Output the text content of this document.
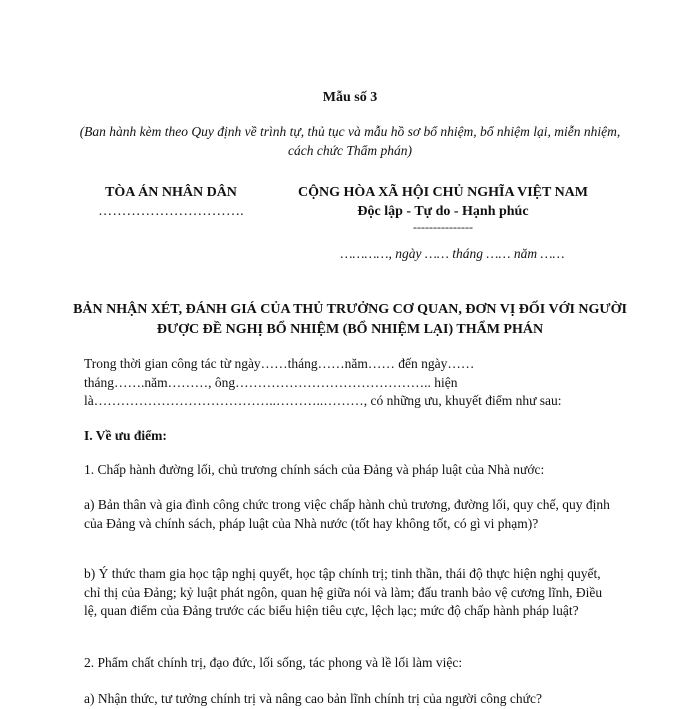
Mẫu số 3
(Ban hành kèm theo Quy định về trình tự, thủ tục và mẫu hồ sơ bổ nhiệm, bổ nhiệm lại, miễn nhiệm, cách chức Thẩm phán)
TÒA ÁN NHÂN DÂN
………………………….
CỘNG HÒA XÃ HỘI CHỦ NGHĨA VIỆT NAM
Độc lập - Tự do - Hạnh phúc
---------------
…………, ngày …… tháng …… năm ……
BẢN NHẬN XÉT, ĐÁNH GIÁ CỦA THỦ TRƯỞNG CƠ QUAN, ĐƠN VỊ ĐỐI VỚI NGƯỜI ĐƯỢC ĐỀ NGHỊ BỔ NHIỆM (BỔ NHIỆM LẠI) THẨM PHÁN
Trong thời gian công tác từ ngày……tháng……năm…… đến ngày……
tháng…….năm………, ông…………………………………….. hiện
là…………………………………..………..………, có những ưu, khuyết điểm như sau:
I. Về ưu điểm:
1. Chấp hành đường lối, chủ trương chính sách của Đảng và pháp luật của Nhà nước:
a) Bản thân và gia đình công chức trong việc chấp hành chủ trương, đường lối, quy chế, quy định của Đảng và chính sách, pháp luật của Nhà nước (tốt hay không tốt, có gì vi phạm)?
b) Ý thức tham gia học tập nghị quyết, học tập chính trị; tinh thần, thái độ thực hiện nghị quyết, chỉ thị của Đảng; kỷ luật phát ngôn, quan hệ giữa nói và làm; đấu tranh bảo vệ cương lĩnh, Điều lệ, quan điểm của Đảng trước các biểu hiện tiêu cực, lệch lạc; mức độ chấp hành pháp luật?
2. Phẩm chất chính trị, đạo đức, lối sống, tác phong và lề lối làm việc:
a) Nhận thức, tư tưởng chính trị và nâng cao bản lĩnh chính trị của người công chức?
